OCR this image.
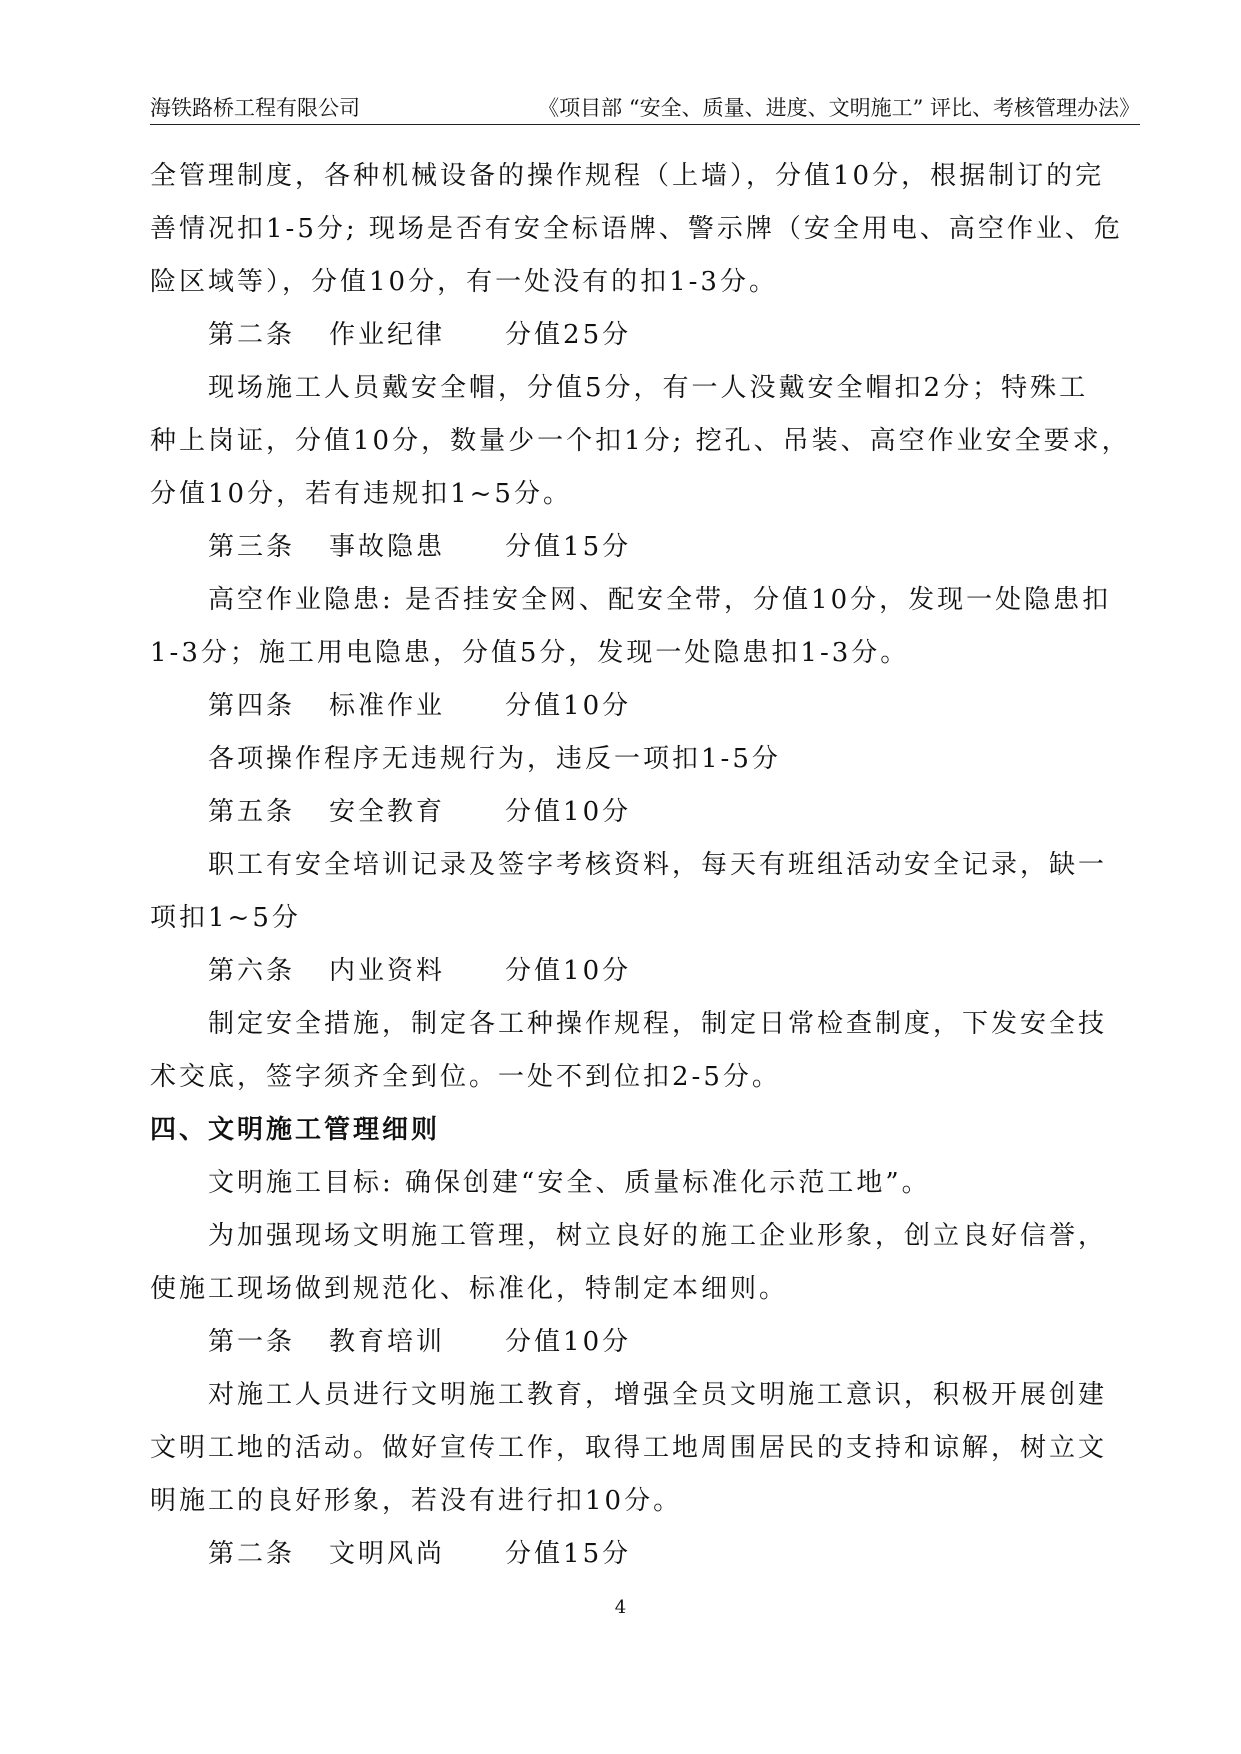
海铁路桥工程有限公司	《项目部 “安全、质量、进度、文明施工” 评比、考核管理办法》

全管理制度，各种机械设备的操作规程（上墙），分值10分，根据制订的完

善情况扣1-5分; 现场是否有安全标语牌、警示牌（安全用电、高空作业、危

险区域等），分值10分，有一处没有的扣1-3分。

第二条 作业纪律 分值25分

现场施工人员戴安全帽，分值5分，有一人没戴安全帽扣2分；特殊工

种上岗证，分值10分，数量少一个扣1分; 挖孔、吊装、高空作业安全要求，

分值10分，若有违规扣1~5分。

第三条 事故隐患 分值15分

高空作业隐患: 是否挂安全网、配安全带，分值10分，发现一处隐患扣

1-3分；施工用电隐患，分值5分，发现一处隐患扣1-3分。

第四条 标准作业 分值10分

各项操作程序无违规行为，违反一项扣1-5分

第五条 安全教育 分值10分

职工有安全培训记录及签字考核资料，每天有班组活动安全记录，缺一

项扣1~5分

第六条 内业资料 分值10分

制定安全措施，制定各工种操作规程，制定日常检查制度，下发安全技

术交底，签字须齐全到位。一处不到位扣2-5分。

四、文明施工管理细则

文明施工目标: 确保创建“安全、质量标准化示范工地”。

为加强现场文明施工管理，树立良好的施工企业形象，创立良好信誉，

使施工现场做到规范化、标准化，特制定本细则。

第一条 教育培训 分值10分

对施工人员进行文明施工教育，增强全员文明施工意识，积极开展创建

文明工地的活动。做好宣传工作，取得工地周围居民的支持和谅解，树立文

明施工的良好形象，若没有进行扣10分。

第二条 文明风尚 分值15分

4
